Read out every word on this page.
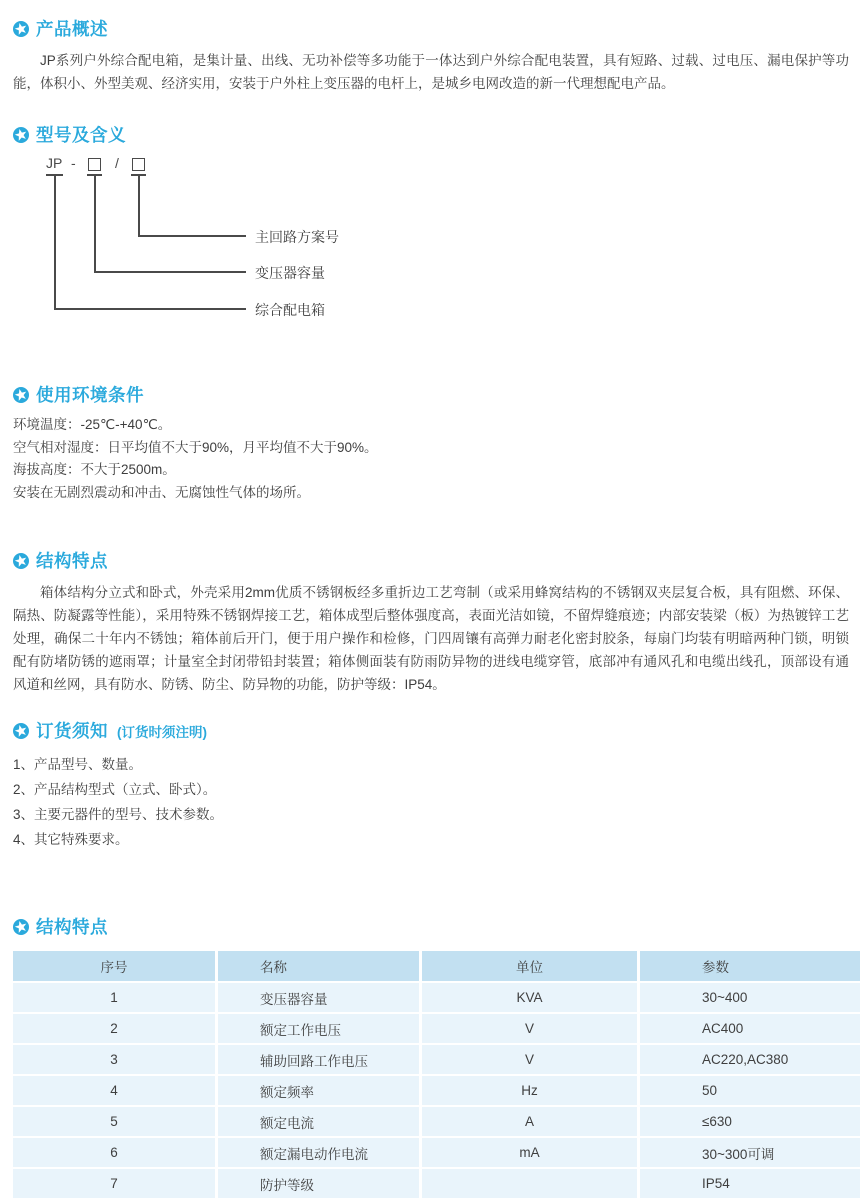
产品概述

JP系列户外综合配电箱，是集计量、出线、无功补偿等多功能于一体达到户外综合配电装置，具有短路、过载、过电压、漏电保护等功能，体积小、外型美观、经济实用，安装于户外柱上变压器的电杆上，是城乡电网改造的新一代理想配电产品。

型号及含义
JP -	/
主回路方案号
变压器容量
综合配电箱
使用环境条件
环境温度：-25℃-+40℃。
空气相对湿度：日平均值不大于90%，月平均值不大于90%。
海拔高度：不大于2500m。
安装在无剧烈震动和冲击、无腐蚀性气体的场所。
结构特点

箱体结构分立式和卧式，外壳采用2mm优质不锈钢板经多重折边工艺弯制（或采用蜂窝结构的不锈钢双夹层复合板，具有阻燃、环保、隔热、防凝露等性能），采用特殊不锈钢焊接工艺，箱体成型后整体强度高，表面光洁如镜，不留焊缝痕迹；内部安装梁（板）为热镀锌工艺处理，确保二十年内不锈蚀；箱体前后开门，便于用户操作和检修，门四周镶有高弹力耐老化密封胶条，每扇门均装有明暗两种门锁，明锁配有防堵防锈的遮雨罩；计量室全封闭带铅封装置；箱体侧面装有防雨防异物的进线电缆穿管，底部冲有通风孔和电缆出线孔，顶部设有通风道和丝网，具有防水、防锈、防尘、防异物的功能，防护等级：IP54。

订货须知 (订货时须注明)
1、产品型号、数量。
2、产品结构型式（立式、卧式）。
3、主要元器件的型号、技术参数。
4、其它特殊要求。
结构特点
序号	名称	单位	参数
1	变压器容量	KVA	30~400
2	额定工作电压	V	AC400
3	辅助回路工作电压	V	AC220,AC380
4	额定频率	Hz	50
5	额定电流	A	≤630
6	额定漏电动作电流	mA	30~300可调
7	防护等级		IP54
